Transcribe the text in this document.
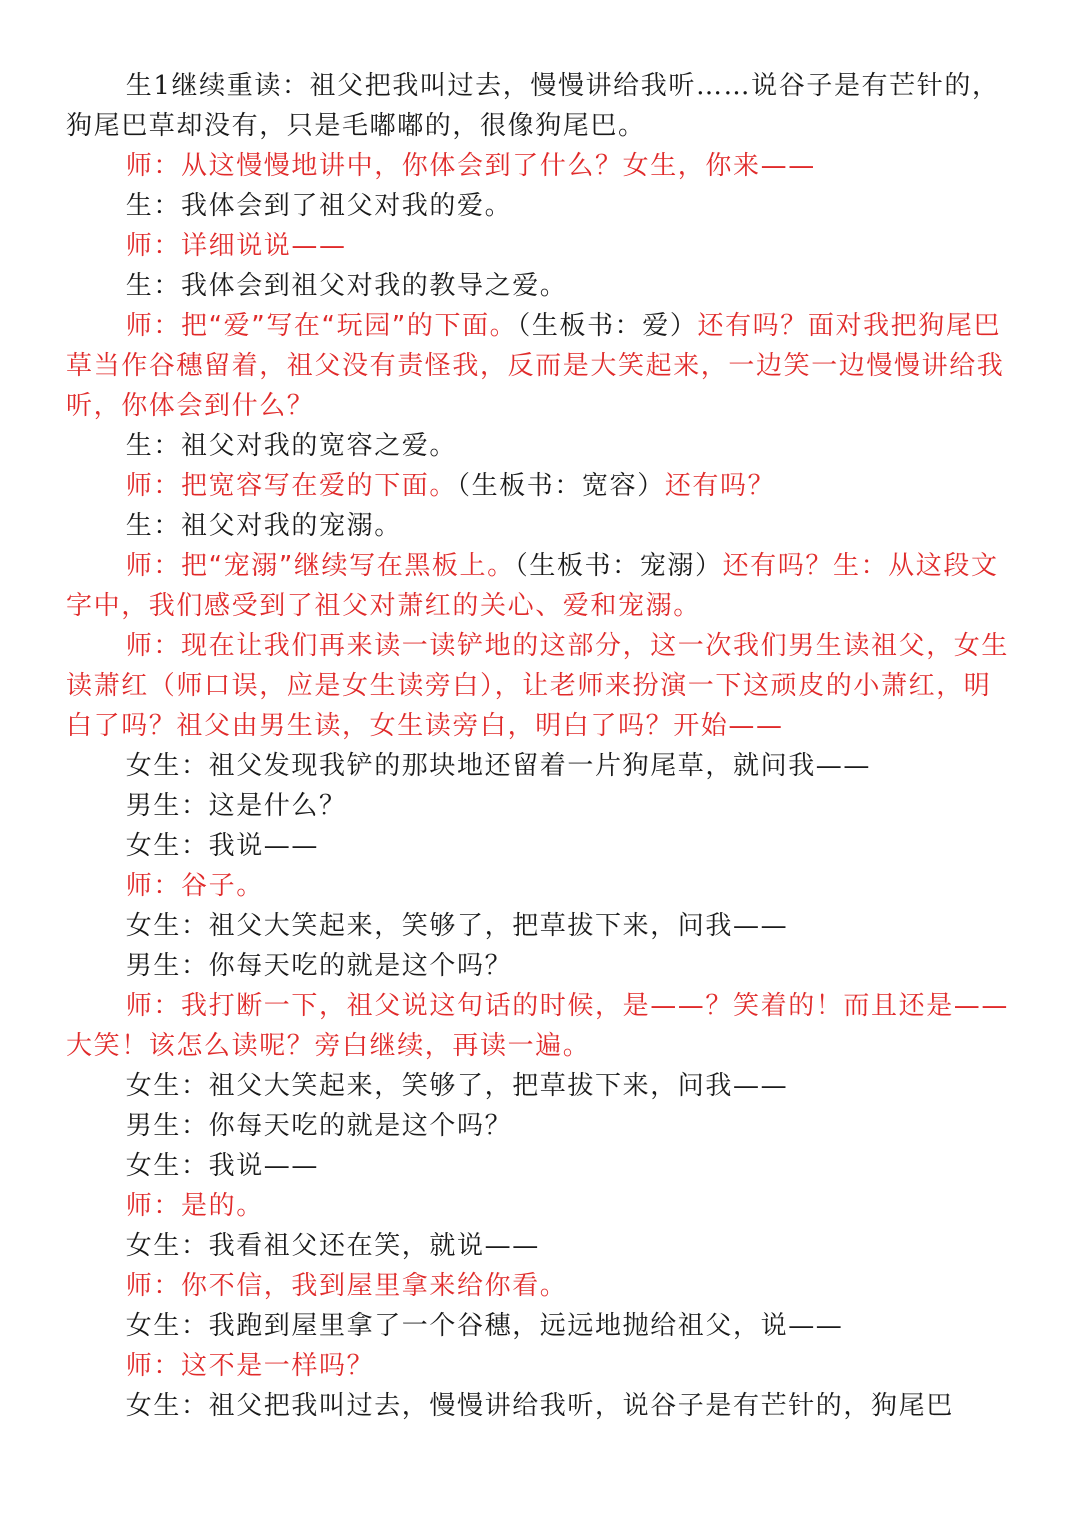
生1继续重读：祖父把我叫过去，慢慢讲给我听……说谷子是有芒针的，狗尾巴草却没有，只是毛嘟嘟的，很像狗尾巴。

师：从这慢慢地讲中，你体会到了什么？女生，你来——

生：我体会到了祖父对我的爱。

师：详细说说——

生：我体会到祖父对我的教导之爱。

师：把“爱”写在“玩园”的下面。（生板书：爱）还有吗？面对我把狗尾巴草当作谷穗留着，祖父没有责怪我，反而是大笑起来，一边笑一边慢慢讲给我听，你体会到什么？

生：祖父对我的宽容之爱。

师：把宽容写在爱的下面。（生板书：宽容）还有吗？

生：祖父对我的宠溺。

师：把“宠溺”继续写在黑板上。（生板书：宠溺）还有吗？生：从这段文字中，我们感受到了祖父对萧红的关心、爱和宠溺。

师：现在让我们再来读一读铲地的这部分，这一次我们男生读祖父，女生读萧红（师口误，应是女生读旁白），让老师来扮演一下这顽皮的小萧红，明白了吗？祖父由男生读，女生读旁白，明白了吗？开始——

女生：祖父发现我铲的那块地还留着一片狗尾草，就问我——

男生：这是什么？

女生：我说——

师：谷子。

女生：祖父大笑起来，笑够了，把草拔下来，问我——

男生：你每天吃的就是这个吗？

师：我打断一下，祖父说这句话的时候，是——？笑着的！而且还是——大笑！该怎么读呢？旁白继续，再读一遍。

女生：祖父大笑起来，笑够了，把草拔下来，问我——

男生：你每天吃的就是这个吗？

女生：我说——

师：是的。

女生：我看祖父还在笑，就说——

师：你不信，我到屋里拿来给你看。

女生：我跑到屋里拿了一个谷穗，远远地抛给祖父，说——

师：这不是一样吗？

女生：祖父把我叫过去，慢慢讲给我听，说谷子是有芒针的，狗尾巴
